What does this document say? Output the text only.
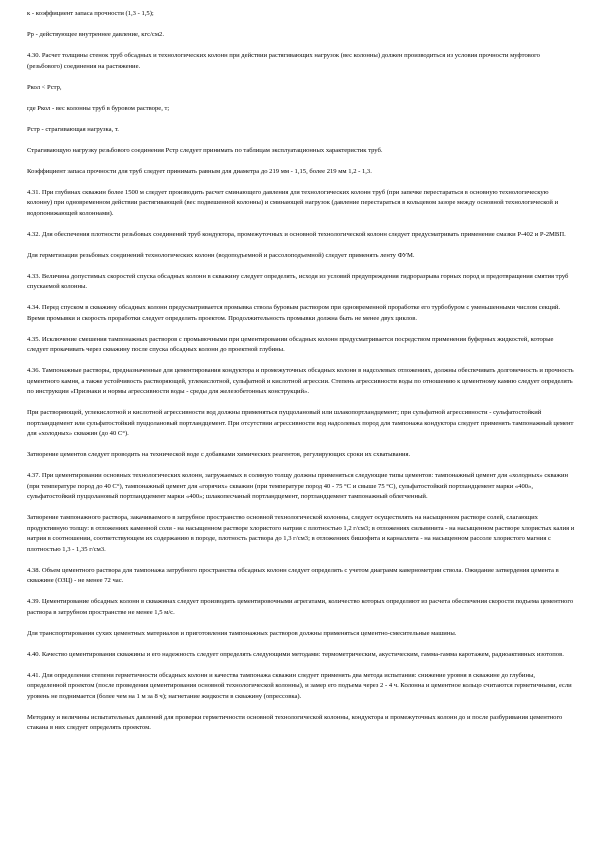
к - коэффициент запаса прочности (1,3 - 1,5);

Рр - действующее внутреннее давление, кгс/см2.

4.30. Расчет толщины стенок труб обсадных и технологических колонн при действии растягивающих нагрузок (вес колонны) должен производиться из условия прочности муфтового (резьбового) соединения на растяжение.

Ркол < Рстр,

где Ркол - вес колонны труб в буровом растворе, т;

Рстр - страгивающая нагрузка, т.

Страгивающую нагрузку резьбового соединения Рстр следует принимать по таблицам эксплуатационных характеристик труб.

Коэффициент запаса прочности для труб следует принимать равным для диаметра до 219 мм - 1,15, более 219 мм 1,2 - 1,3.

4.31. При глубинах скважин более 1500 м следует производить расчет сминающего давления для технологических колонн труб (при запечке перестараться в основную технологическую колонну) при одновременном действии растягивающей (вес подвешенной колонны) и сминающей нагрузок (давление перестараться в кольцевом зазоре между основной технологической и водопонижающей колоннами).

4.32. Для обеспечения плотности резьбовых соединений труб кондуктора, промежуточных и основной технологической колонн следует предусматривать применение смазки Р-402 и Р-2МВП.

Для герметизации резьбовых соединений технологических колонн (водоподъемной и рассолоподъемной) следует применять ленту ФУМ.

4.33. Величина допустимых скоростей спуска обсадных колонн в скважину следует определять, исходя из условий предупреждения гидроразрыва горных пород и предотвращения смятия труб спускаемой колонны.

4.34. Перед спуском в скважину обсадных колонн предусматривается промывка ствола буровым раствором при одновременной проработке его турбобуром с уменьшенными числом секций. Время промывки и скорость проработки следует определять проектом. Продолжительность промывки должна быть не менее двух циклов.

4.35. Исключение смешения тампонажных растворов с промывочными при цементировании обсадных колонн предусматривается посредством применения буферных жидкостей, которые следует прокачивать через скважину после спуска обсадных колонн до проектной глубины.

4.36. Тампонажные растворы, предназначенные для цементирования кондуктора и промежуточных обсадных колонн в надсолевых отложениях, должны обеспечивать долговечность и прочность цементного камня, а также устойчивость растворяющей, углекислотной, сульфатной и кислотной агрессии. Степень агрессивности воды по отношению к цементному камню следует определять по инструкции «Признаки и нормы агрессивности воды - среды для железобетонных конструкций».

При растворяющей, углекислотной и кислотной агрессивности вод должны применяться пуццолановый или шлакопортландцемент; при сульфатной агрессивности - сульфатостойкий портландцемент или сульфатостойкий пуццолановый портландцемент. При отсутствии агрессивности вод надсолевых пород для тампонажа кондуктора следует применять тампонажный цемент для «холодных» скважин (до 40 С°).

Затворение цементов следует проводить на технической воде с добавками химических реагентов, регулирующих сроки их схватывания.

4.37. При цементировании основных технологических колонн, загружаемых в соляную толщу должны применяться следующие типы цементов: тампонажный цемент для «холодных» скважин (при температуре пород до 40 С°), тампонажный цемент для «горячих» скважин (при температуре пород 40 - 75 °С и свыше 75 °С), сульфатостойкий портландцемент марки «400», сульфатостойкий пуццолановый портландцемент марки «400»; шлакопесчаный портландцемент, портландцемент тампонажный облегченный.

Затворение тампонажного раствора, закачиваемого в затрубное пространство основной технологической колонны, следует осуществлять на насыщенном растворе солей, слагающих продуктивную толщу: в отложениях каменной соли - на насыщенном растворе хлористого натрия с плотностью 1,2 г/см3; в отложениях сильвинита - на насыщенном растворе хлористых калия и натрия в соотношении, соответствующем их содержанию в породе, плотность раствора до 1,3 г/см3; в отложениях бишофита и карналлита - на насыщенном рассоле хлористого магния с плотностью 1,3 - 1,35 г/см3.

4.38. Объем цементного раствора для тампонажа затрубного пространства обсадных колонн следует определять с учетом диаграмм кавернометрии ствола. Ожидание затвердения цемента в скважине (ОЗЦ) - не менее 72 час.

4.39. Цементирование обсадных колонн в скважинах следует производить цементировочными агрегатами, количество которых определяют из расчета обеспечения скорости подъема цементного раствора в затрубном пространстве не менее 1,5 м/с.

Для транспортирования сухих цементных материалов и приготовления тампонажных растворов должны применяться цементно-смесительные машины.

4.40. Качество цементирования скважины и его надежность следует определять следующими методами: термометрическим, акустическим, гамма-гамма каротажем, радиоактивных изотопов.

4.41. Для определения степени герметичности обсадных колонн и качества тампонажа скважин следует применять два метода испытания: снижение уровня в скважине до глубины, определенной проектом (после проведения цементирования основной технологической колонны), и замер его подъема через 2 - 4 ч. Колонна и цементное кольцо считаются герметичными, если уровень не поднимается (более чем на 1 м за 8 ч); нагнетание жидкости в скважину (опрессовка).

Методику и величины испытательных давлений для проверки герметичности основной технологической колонны, кондуктора и промежуточных колонн до и после разбуривания цементного стакана в них следует определять проектом.
